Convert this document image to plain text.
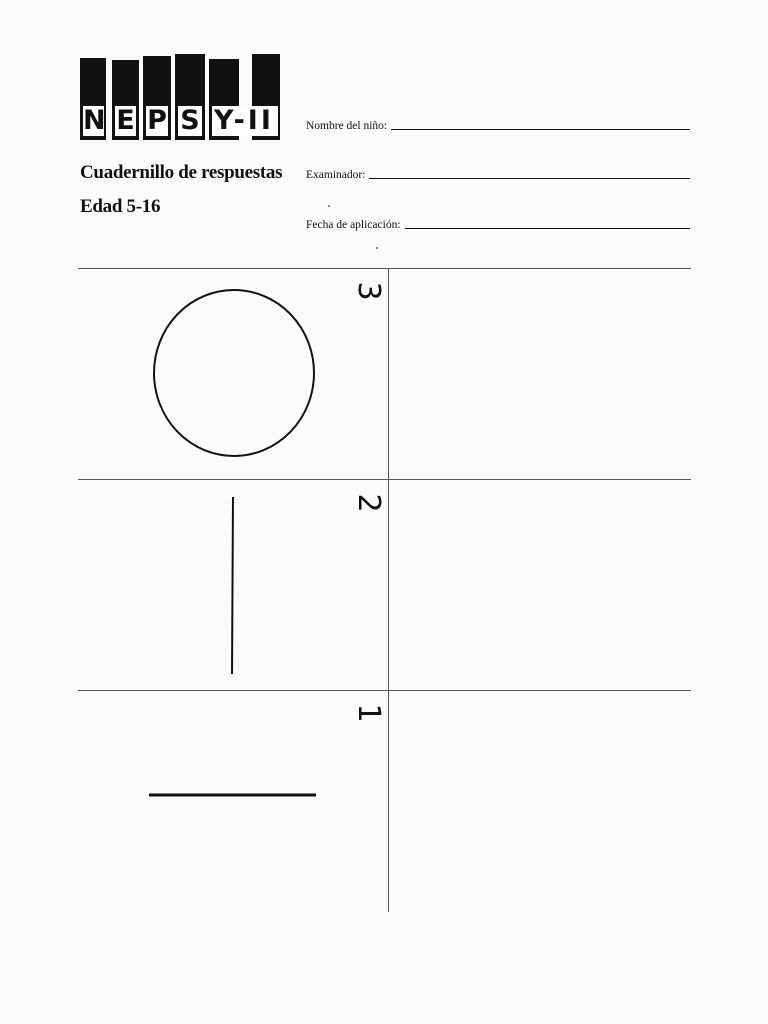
N E P S Y-II
Cuadernillo de respuestas
Edad 5-16
Nombre del niño:
Examinador:
Fecha de aplicación:
3
2
1
